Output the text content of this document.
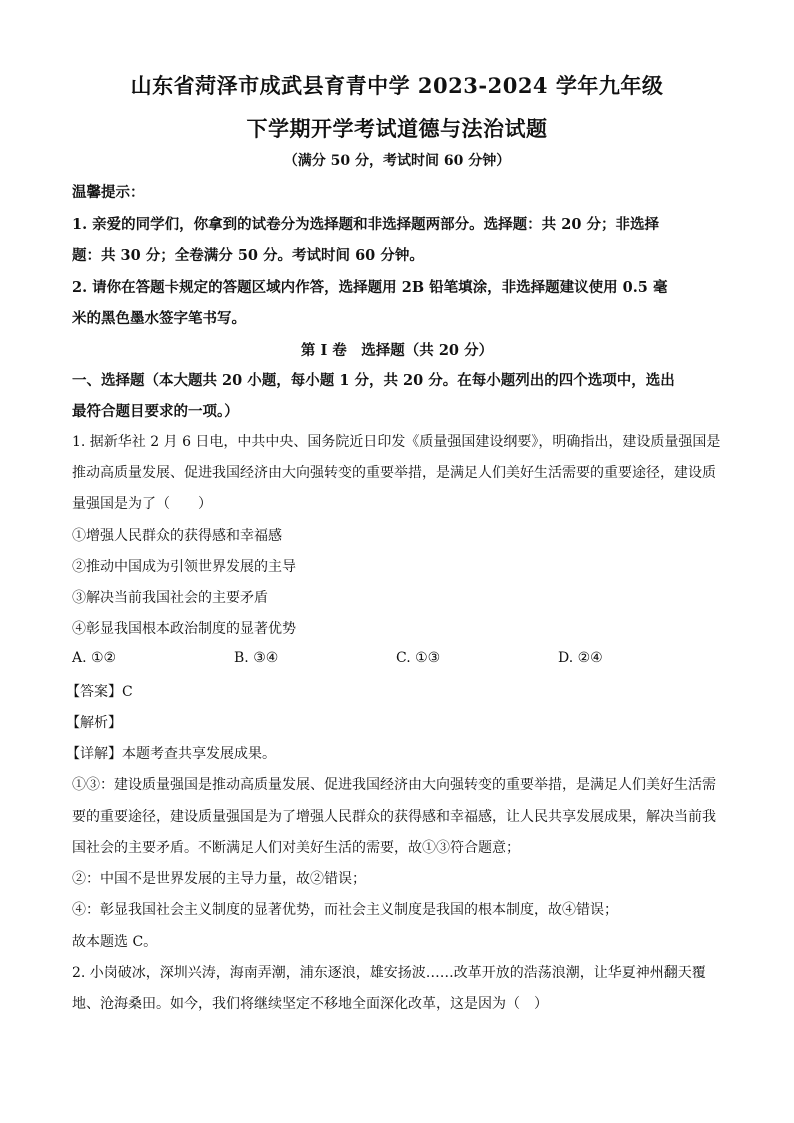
山东省菏泽市成武县育青中学 2023-2024 学年九年级
下学期开学考试道德与法治试题
（满分 50 分，考试时间 60 分钟）
温馨提示：
1. 亲爱的同学们，你拿到的试卷分为选择题和非选择题两部分。选择题：共 20 分；非选择
题：共 30 分；全卷满分 50 分。考试时间 60 分钟。
2. 请你在答题卡规定的答题区域内作答，选择题用 2B 铅笔填涂，非选择题建议使用 0.5 毫
米的黑色墨水签字笔书写。
第 I 卷　选择题（共 20 分）
一、选择题（本大题共 20 小题，每小题 1 分，共 20 分。在每小题列出的四个选项中，选出
最符合题目要求的一项。）
1. 据新华社 2 月 6 日电，中共中央、国务院近日印发《质量强国建设纲要》，明确指出，建设质量强国是
推动高质量发展、促进我国经济由大向强转变的重要举措，是满足人们美好生活需要的重要途径，建设质
量强国是为了（　　）
①增强人民群众的获得感和幸福感
②推动中国成为引领世界发展的主导
③解决当前我国社会的主要矛盾
④彰显我国根本政治制度的显著优势
A. ①②	B. ③④	C. ①③	D. ②④
【答案】C
【解析】
【详解】本题考查共享发展成果。
①③：建设质量强国是推动高质量发展、促进我国经济由大向强转变的重要举措，是满足人们美好生活需
要的重要途径，建设质量强国是为了增强人民群众的获得感和幸福感，让人民共享发展成果，解决当前我
国社会的主要矛盾。不断满足人们对美好生活的需要，故①③符合题意；
②：中国不是世界发展的主导力量，故②错误；
④：彰显我国社会主义制度的显著优势，而社会主义制度是我国的根本制度，故④错误；
故本题选 C。
2. 小岗破冰，深圳兴涛，海南弄潮，浦东逐浪，雄安扬波……改革开放的浩荡浪潮，让华夏神州翻天覆
地、沧海桑田。如今，我们将继续坚定不移地全面深化改革，这是因为（　）
